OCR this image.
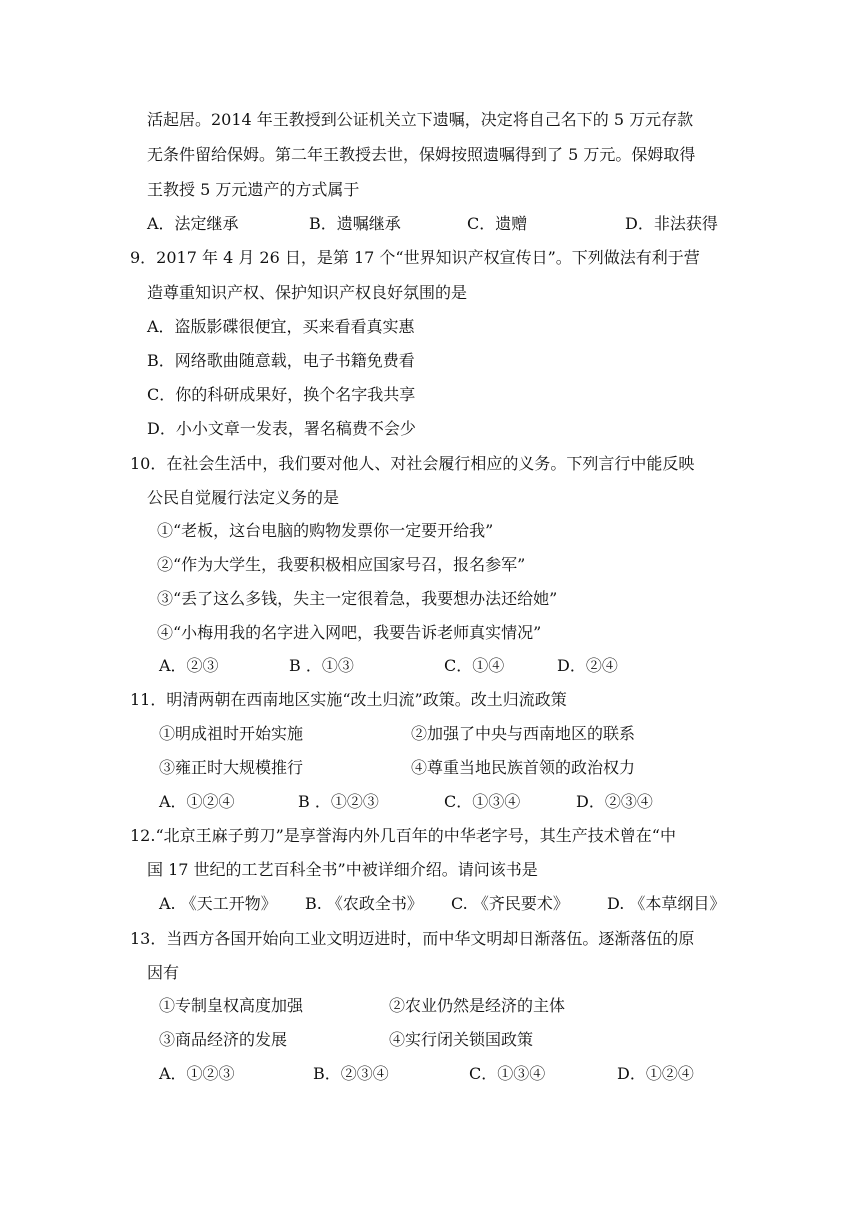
活起居。2014 年王教授到公证机关立下遗嘱，决定将自己名下的 5 万元存款
无条件留给保姆。第二年王教授去世，保姆按照遗嘱得到了 5 万元。保姆取得
王教授 5 万元遗产的方式属于
A．法定继承	B．遗嘱继承	C．遗赠	D．非法获得
9．2017 年 4 月 26 日，是第 17 个“世界知识产权宣传日”。下列做法有利于营
造尊重知识产权、保护知识产权良好氛围的是
A．盗版影碟很便宜，买来看看真实惠
B．网络歌曲随意载，电子书籍免费看
C．你的科研成果好，换个名字我共享
D．小小文章一发表，署名稿费不会少
10．在社会生活中，我们要对他人、对社会履行相应的义务。下列言行中能反映
公民自觉履行法定义务的是
①“老板，这台电脑的购物发票你一定要开给我”
②“作为大学生，我要积极相应国家号召，报名参军”
③“丢了这么多钱，失主一定很着急，我要想办法还给她”
④“小梅用我的名字进入网吧，我要告诉老师真实情况”
A．②③	B ．①③	C．①④	D．②④
11．明清两朝在西南地区实施“改土归流”政策。改土归流政策
①明成祖时开始实施	②加强了中央与西南地区的联系
③雍正时大规模推行	④尊重当地民族首领的政治权力
A．①②④	B ．①②③	C．①③④	D．②③④
12.“北京王麻子剪刀”是享誉海内外几百年的中华老字号，其生产技术曾在“中
国 17 世纪的工艺百科全书”中被详细介绍。请问该书是
A. 《天工开物》 B. 《农政全书》 C. 《齐民要术》 D. 《本草纲目》
13．当西方各国开始向工业文明迈进时，而中华文明却日渐落伍。逐渐落伍的原
因有
①专制皇权高度加强	②农业仍然是经济的主体
③商品经济的发展	④实行闭关锁国政策
A．①②③	B．②③④	C．①③④	D．①②④
